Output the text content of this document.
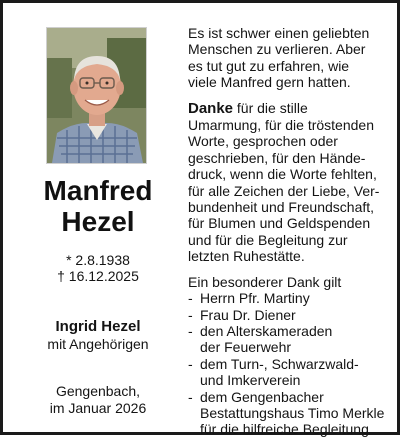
Manfred
Hezel
* 2.8.1938
† 16.12.2025
Ingrid Hezel
mit Angehörigen
Gengenbach,
im Januar 2026

Es ist schwer einen geliebten
Menschen zu verlieren. Aber
es tut gut zu erfahren, wie
viele Manfred gern hatten.

Danke für die stille
Umarmung, für die tröstenden
Worte, gesprochen oder
geschrieben, für den Hände-
druck, wenn die Worte fehlten,
für alle Zeichen der Liebe, Ver-
bundenheit und Freundschaft,
für Blumen und Geldspenden
und für die Begleitung zur
letzten Ruhestätte.

Ein besonderer Dank gilt
- Herrn Pfr. Martiny
- Frau Dr. Diener
- den Alterskameraden
der Feuerwehr
- dem Turn-, Schwarzwald-
und Imkerverein
- dem Gengenbacher
Bestattungshaus Timo Merkle
für die hilfreiche Begleitung
